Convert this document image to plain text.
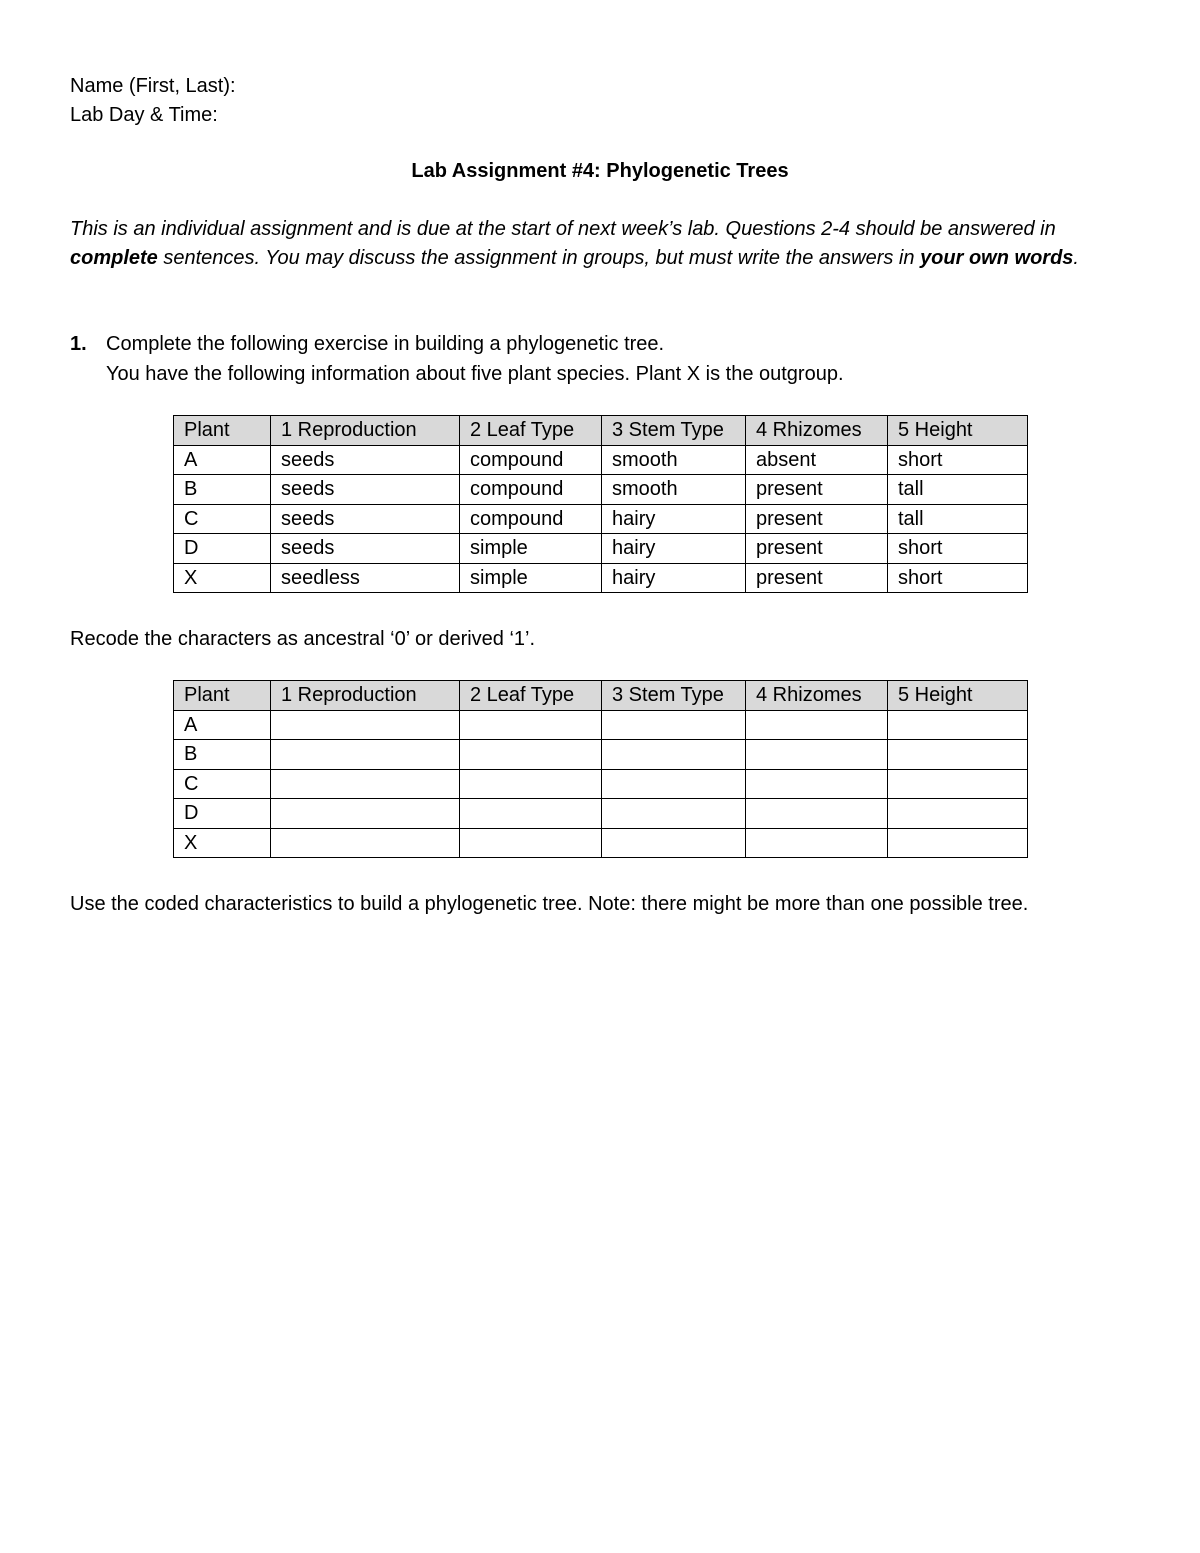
Name (First, Last):
Lab Day & Time:
Lab Assignment #4: Phylogenetic Trees
This is an individual assignment and is due at the start of next week’s lab. Questions 2-4 should be answered in complete sentences. You may discuss the assignment in groups, but must write the answers in your own words.
1. Complete the following exercise in building a phylogenetic tree.
You have the following information about five plant species. Plant X is the outgroup.
Plant	1 Reproduction	2 Leaf Type	3 Stem Type	4 Rhizomes	5 Height
A	seeds	compound	smooth	absent	short
B	seeds	compound	smooth	present	tall
C	seeds	compound	hairy	present	tall
D	seeds	simple	hairy	present	short
X	seedless	simple	hairy	present	short
Recode the characters as ancestral ‘0’ or derived ‘1’.
Plant	1 Reproduction	2 Leaf Type	3 Stem Type	4 Rhizomes	5 Height
A					
B					
C					
D					
X					
Use the coded characteristics to build a phylogenetic tree. Note: there might be more than one possible tree.
